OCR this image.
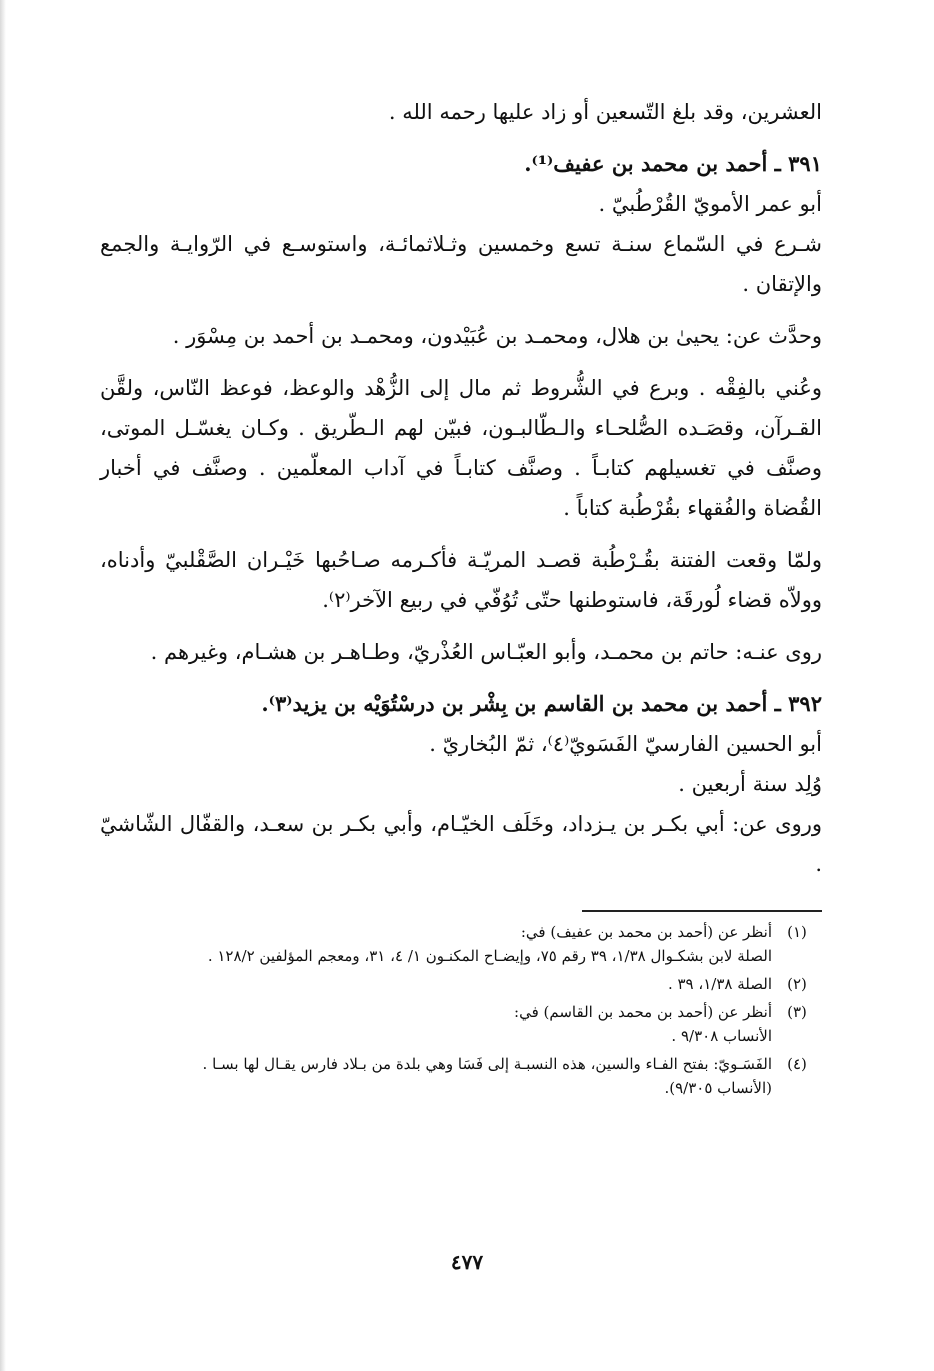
العشرين، وقد بلغ التّسعين أو زاد عليها رحمه الله .

٣٩١ ـ أحمد بن محمد بن عفيف⁽¹⁾.

أبو عمر الأمويّ القُرْطُبيّ .

شـرع في السّماع سنـة تسع وخمسين وثـلاثمائـة، واستوسـع في الرّوايـة والجمع والإتقان .

وحدَّث عن: يحيىٰ بن هلال، ومحمـد بن عُبَيْدون، ومحمـد بن أحمد بن مِسْوَر .

وعُني بالفِقْه . وبرع في الشُّروط ثم مال إلى الزُّهْد والوعظ، فوعظ النّاس، ولقَّن القـرآن، وقصَـده الصُّلحـاء والـطّالبـون، فبيّن لهم الـطّريق . وكـان يغسّـل الموتى، وصنَّف في تغسيلهم كتابـاً . وصنَّف كتابـاً في آداب المعلّمين . وصنَّف في أخبار القُضاة والفُقهاء بقُرْطُبة كتاباً .

ولمّا وقعت الفتنة بقُـرْطُبة قصـد المريّـة فأكـرمه صـاحُبها خَيْـران الصَّقْلبيّ وأدناه، وولاّه قضاء لُورقَة، فاستوطنها حتّى تُوُفّي في ربيع الآخر⁽٢⁾.

روى عنـه: حاتم بن محمـد، وأبو العبّـاس العُذْريّ، وطـاهـر بن هشـام، وغيرهم .

٣٩٢ ـ أحمد بن محمد بن القاسم بن بِشْر بن درسْتُوَيْه بن يزيد⁽٣⁾.

أبو الحسين الفارسيّ الفَسَويّ⁽٤⁾، ثمّ البُخاريّ .

وُلِد سنة أربعين .

وروى عن: أبي بكـر بن يـزداد، وخَلَف الخيّـام، وأبي بكـر بن سعـد، والقفّال الشّاشيّ .

(١)
أنظر عن (أحمد بن محمد بن عفيف) في:
الصلة لابن بشكـوال ١/٣٨، ٣٩ رقم ٧٥، وإيضـاح المكنـون ١/ ٤، ٣١، ومعجم المؤلفين ١٢٨/٢ .
(٢)
الصلة ١/٣٨، ٣٩ .
(٣)
أنظر عن (أحمد بن محمد بن القاسم) في:
الأنساب ٩/٣٠٨ .
(٤)
الفَسَـويّ: بفتح الفـاء والسين، هذه النسبـة إلى فَسَا وهي بلدة من بـلاد فارس يقـال لها بسـا .
(الأنساب ٩/٣٠٥).
٤٧٧
